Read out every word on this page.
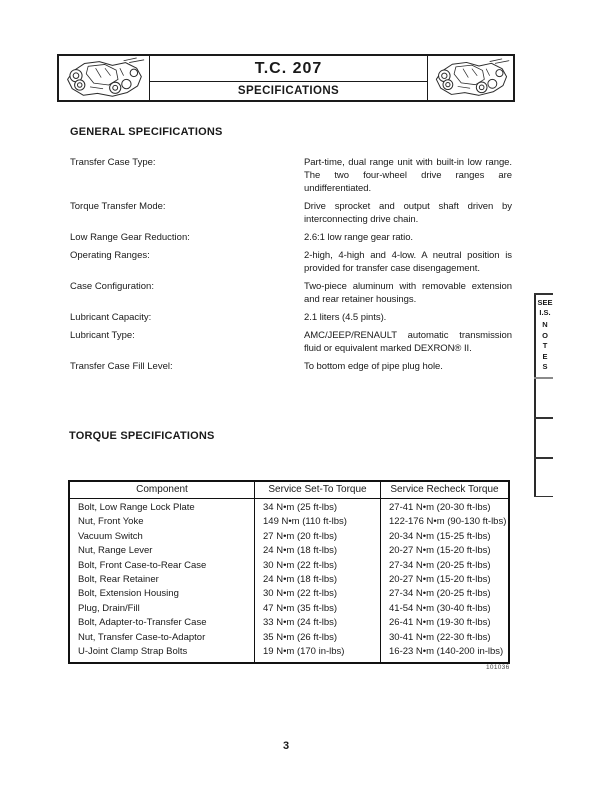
T.C. 207
SPECIFICATIONS
GENERAL SPECIFICATIONS
Transfer Case Type:	Part-time, dual range unit with built-in low range. The two four-wheel drive ranges are undifferentiated.
Torque Transfer Mode:	Drive sprocket and output shaft driven by interconnecting drive chain.
Low Range Gear Reduction:	2.6:1 low range gear ratio.
Operating Ranges:	2-high, 4-high and 4-low. A neutral position is provided for transfer case disengagement.
Case Configuration:	Two-piece aluminum with removable extension and rear retainer housings.
Lubricant Capacity:	2.1 liters (4.5 pints).
Lubricant Type:	AMC/JEEP/RENAULT automatic transmission fluid or equivalent marked DEXRON® II.
Transfer Case Fill Level:	To bottom edge of pipe plug hole.
SEE
I.S.
N
O
T
E
S
TORQUE SPECIFICATIONS
Component	Service Set-To Torque	Service Recheck Torque
Bolt, Low Range Lock Plate	34 N•m (25 ft-lbs)	27-41 N•m (20-30 ft-lbs)
Nut, Front Yoke	149 N•m (110 ft-lbs)	122-176 N•m (90-130 ft-lbs)
Vacuum Switch	27 N•m (20 ft-lbs)	20-34 N•m (15-25 ft-lbs)
Nut, Range Lever	24 N•m (18 ft-lbs)	20-27 N•m (15-20 ft-lbs)
Bolt, Front Case-to-Rear Case	30 N•m (22 ft-lbs)	27-34 N•m (20-25 ft-lbs)
Bolt, Rear Retainer	24 N•m (18 ft-lbs)	20-27 N•m (15-20 ft-lbs)
Bolt, Extension Housing	30 N•m (22 ft-lbs)	27-34 N•m (20-25 ft-lbs)
Plug, Drain/Fill	47 N•m (35 ft-lbs)	41-54 N•m (30-40 ft-lbs)
Bolt, Adapter-to-Transfer Case	33 N•m (24 ft-lbs)	26-41 N•m (19-30 ft-lbs)
Nut, Transfer Case-to-Adaptor	35 N•m (26 ft-lbs)	30-41 N•m (22-30 ft-lbs)
U-Joint Clamp Strap Bolts	19 N•m (170 in-lbs)	16-23 N•m (140-200 in-lbs)
101036
3
